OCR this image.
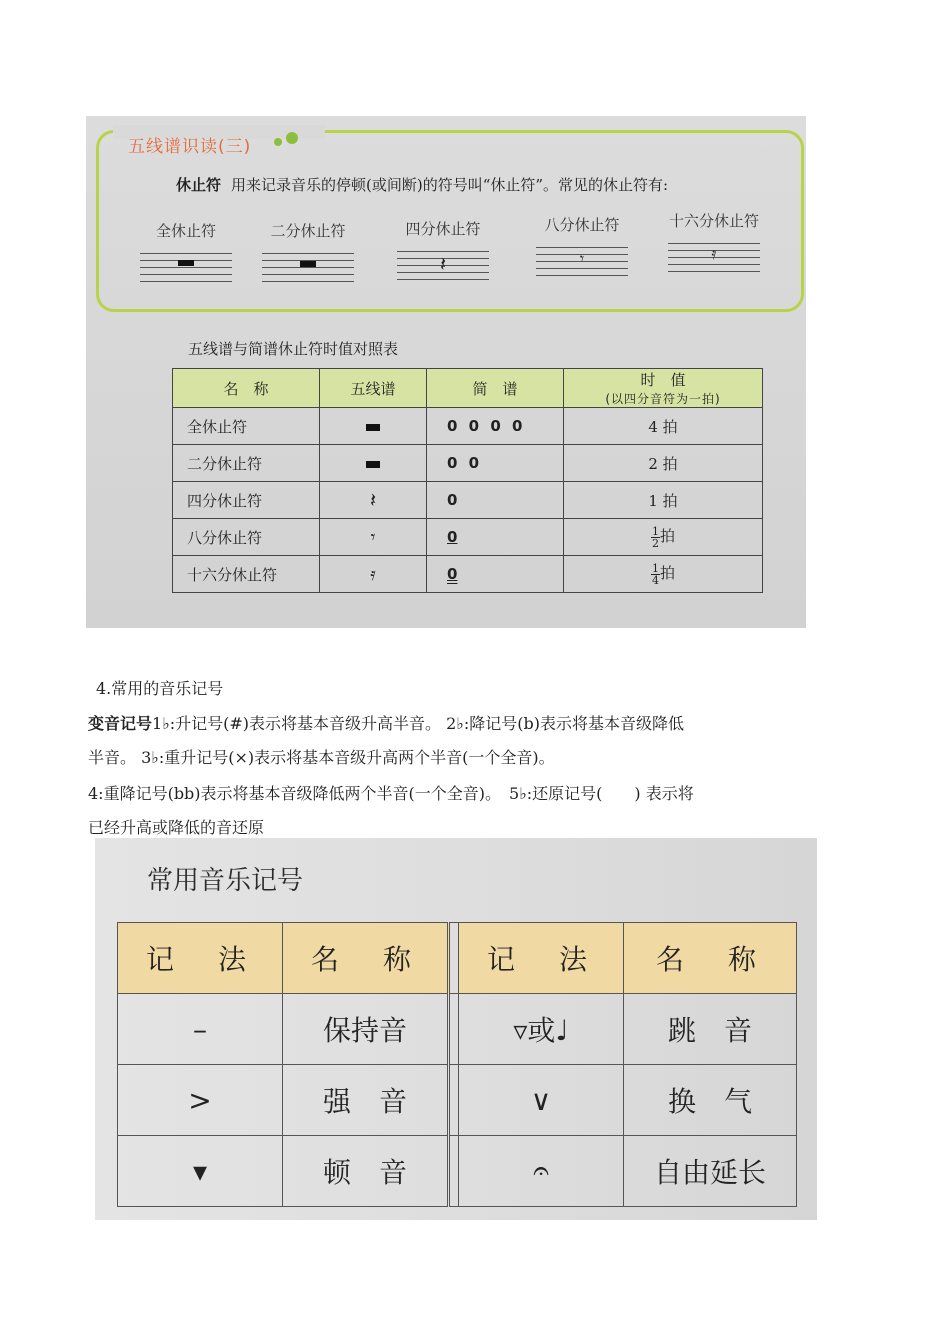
五线谱识读(三)
休止符 用来记录音乐的停顿(或间断)的符号叫“休止符”。常见的休止符有:
全休止符	二分休止符	四分休止符
𝄽
八分休止符
𝄾
十六分休止符
𝄿
五线谱与简谱休止符时值对照表
名　称	五线谱	简　谱	时　值
(以四分音符为一拍)

全休止符		0 0 0 0	4 拍
二分休止符		0 0	2 拍
四分休止符	𝄽	0	1 拍
八分休止符	𝄾	0	$\frac{1}{2}$ 拍
十六分休止符	𝄿	0	$\frac{1}{4}$ 拍
4.常用的音乐记号
变音记号1♭:升记号(#)表示将基本音级升高半音。 2♭:降记号(b)表示将基本音级降低
半音。 3♭:重升记号(×)表示将基本音级升高两个半音(一个全音)。
4:重降记号(bb)表示将基本音级降低两个半音(一个全音)。　5♭:还原记号(　　) 表示将
已经升高或降低的音还原
常用音乐记号
记　法	名　称		记　法	名　称
–	保持音		▿或♩	跳　音
>	强　音		∨	换　气
▾	顿　音		𝄐	自由延长
